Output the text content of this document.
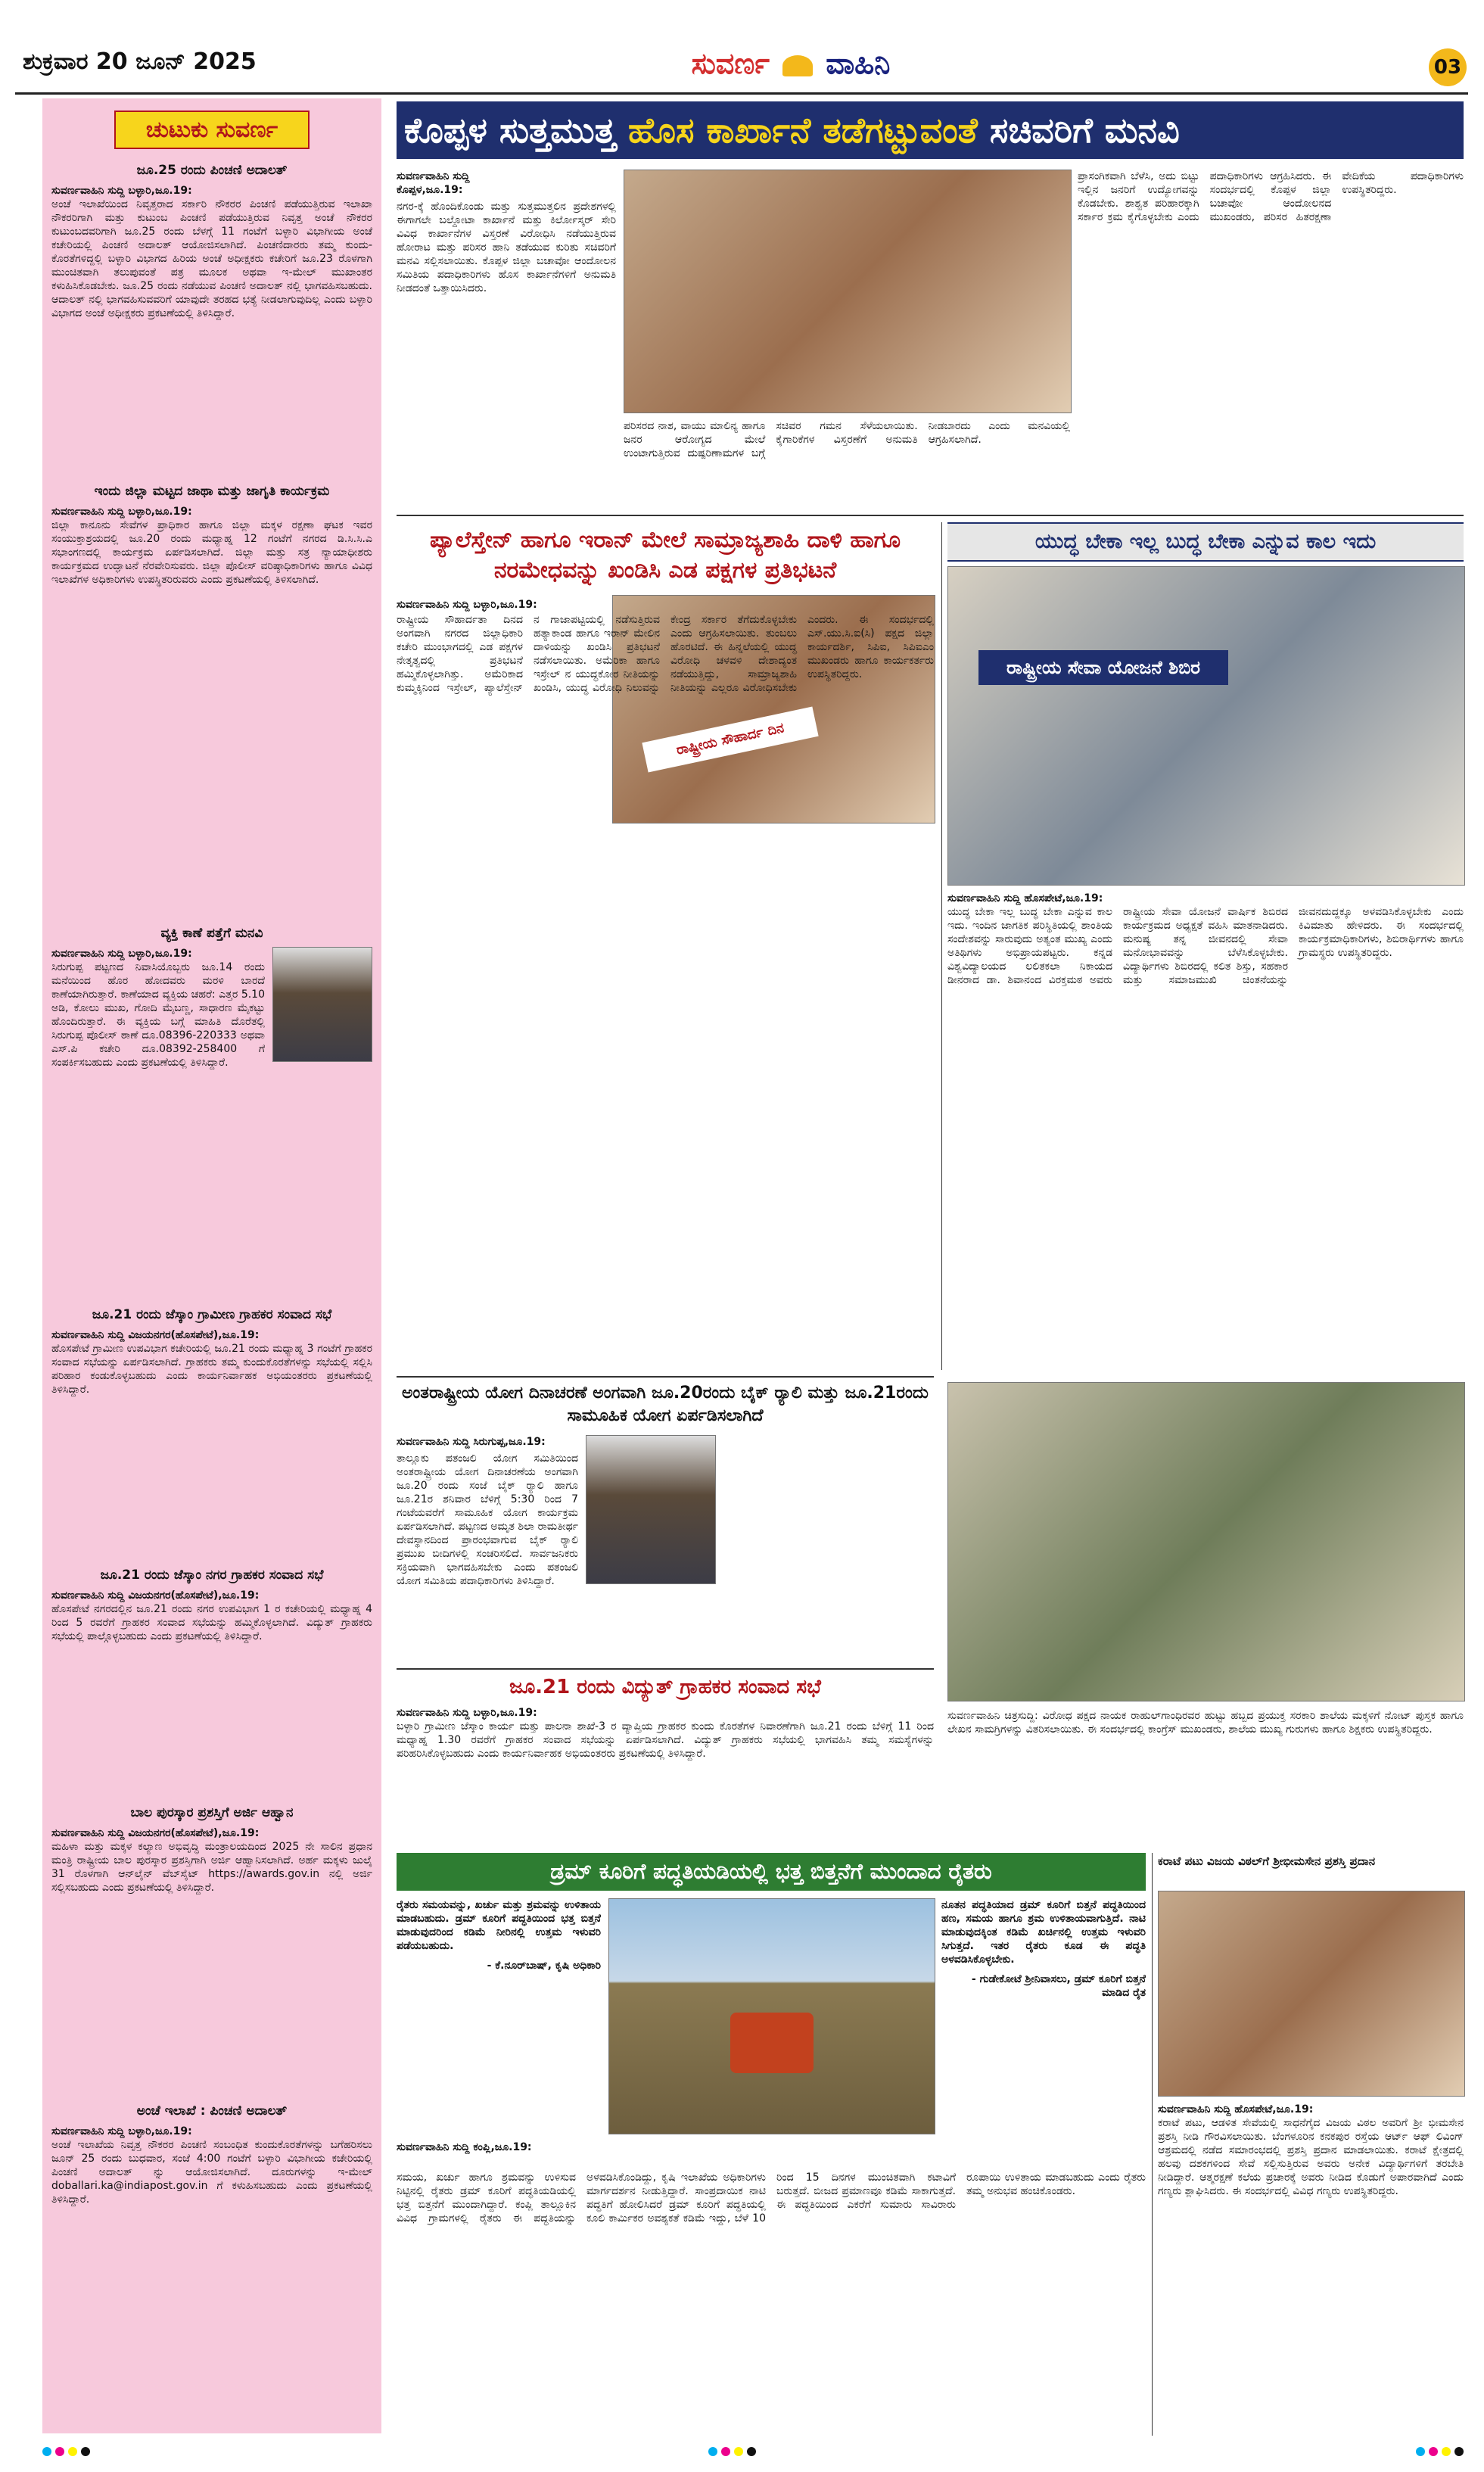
ಶುಕ್ರವಾರ 20 ಜೂನ್ 2025	ಸುವರ್ಣ ವಾಹಿನಿ	03
ಚುಟುಕು ಸುವರ್ಣ
ಜೂ.25 ರಂದು ಪಿಂಚಣಿ ಅದಾಲತ್
ಸುವರ್ಣವಾಹಿನಿ ಸುದ್ದಿ ಬಳ್ಳಾರಿ,ಜೂ.19:
ಅಂಚೆ ಇಲಾಖೆಯಿಂದ ನಿವೃತ್ತರಾದ ಸರ್ಕಾರಿ ನೌಕರರ ಪಿಂಚಣಿ ಪಡೆಯುತ್ತಿರುವ ಇಲಾಖಾ ನೌಕರರಿಗಾಗಿ ಮತ್ತು ಕುಟುಂಬ ಪಿಂಚಣಿ ಪಡೆಯುತ್ತಿರುವ ನಿವೃತ್ತ ಅಂಚೆ ನೌಕರರ ಕುಟುಂಬದವರಿಗಾಗಿ ಜೂ.25 ರಂದು ಬೆಳಗ್ಗೆ 11 ಗಂಟೆಗೆ ಬಳ್ಳಾರಿ ವಿಭಾಗೀಯ ಅಂಚೆ ಕಚೇರಿಯಲ್ಲಿ ಪಿಂಚಣಿ ಅದಾಲತ್ ಆಯೋಜಿಸಲಾಗಿದೆ. ಪಿಂಚಣಿದಾರರು ತಮ್ಮ ಕುಂದು-ಕೊರತೆಗಳಿದ್ದಲ್ಲಿ ಬಳ್ಳಾರಿ ವಿಭಾಗದ ಹಿರಿಯ ಅಂಚೆ ಅಧೀಕ್ಷಕರು ಕಚೇರಿಗೆ ಜೂ.23 ರೊಳಗಾಗಿ ಮುಂಚಿತವಾಗಿ ತಲುಪುವಂತೆ ಪತ್ರ ಮೂಲಕ ಅಥವಾ ಇ-ಮೇಲ್ ಮುಖಾಂತರ ಕಳುಹಿಸಿಕೊಡಬೇಕು. ಜೂ.25 ರಂದು ನಡೆಯುವ ಪಿಂಚಣಿ ಅದಾಲತ್ ನಲ್ಲಿ ಭಾಗವಹಿಸಬಹುದು. ಆದಾಲತ್ ನಲ್ಲಿ ಭಾಗವಹಿಸುವವರಿಗೆ ಯಾವುದೇ ತರಹದ ಭತ್ಯೆ ನೀಡಲಾಗುವುದಿಲ್ಲ ಎಂದು ಬಳ್ಳಾರಿ ವಿಭಾಗದ ಅಂಚೆ ಅಧೀಕ್ಷಕರು ಪ್ರಕಟಣೆಯಲ್ಲಿ ತಿಳಿಸಿದ್ದಾರೆ.
ಇಂದು ಜಿಲ್ಲಾ ಮಟ್ಟದ ಜಾಥಾ ಮತ್ತು ಜಾಗೃತಿ ಕಾರ್ಯಕ್ರಮ
ಸುವರ್ಣವಾಹಿನಿ ಸುದ್ದಿ ಬಳ್ಳಾರಿ,ಜೂ.19:
ಜಿಲ್ಲಾ ಕಾನೂನು ಸೇವೆಗಳ ಪ್ರಾಧಿಕಾರ ಹಾಗೂ ಜಿಲ್ಲಾ ಮಕ್ಕಳ ರಕ್ಷಣಾ ಘಟಕ ಇವರ ಸಂಯುಕ್ತಾಶ್ರಯದಲ್ಲಿ ಜೂ.20 ರಂದು ಮಧ್ಯಾಹ್ನ 12 ಗಂಟೆಗೆ ನಗರದ ಡಿ.ಸಿ.ಸಿ.ಎ ಸಭಾಂಗಣದಲ್ಲಿ ಕಾರ್ಯಕ್ರಮ ಏರ್ಪಡಿಸಲಾಗಿದೆ. ಜಿಲ್ಲಾ ಮತ್ತು ಸತ್ರ ನ್ಯಾಯಾಧೀಶರು ಕಾರ್ಯಕ್ರಮದ ಉದ್ಘಾಟನೆ ನೆರವೇರಿಸುವರು. ಜಿಲ್ಲಾ ಪೊಲೀಸ್ ವರಿಷ್ಠಾಧಿಕಾರಿಗಳು ಹಾಗೂ ವಿವಿಧ ಇಲಾಖೆಗಳ ಅಧಿಕಾರಿಗಳು ಉಪಸ್ಥಿತರಿರುವರು ಎಂದು ಪ್ರಕಟಣೆಯಲ್ಲಿ ತಿಳಿಸಲಾಗಿದೆ.
ವ್ಯಕ್ತಿ ಕಾಣೆ ಪತ್ತೆಗೆ ಮನವಿ
ಸುವರ್ಣವಾಹಿನಿ ಸುದ್ದಿ ಬಳ್ಳಾರಿ,ಜೂ.19:
ಸಿರುಗುಪ್ಪ ಪಟ್ಟಣದ ನಿವಾಸಿಯೊಬ್ಬರು ಜೂ.14 ರಂದು ಮನೆಯಿಂದ ಹೊರ ಹೋದವರು ಮರಳಿ ಬಾರದೆ ಕಾಣೆಯಾಗಿರುತ್ತಾರೆ. ಕಾಣೆಯಾದ ವ್ಯಕ್ತಿಯ ಚಹರೆ: ಎತ್ತರ 5.10 ಅಡಿ, ಕೋಲು ಮುಖ, ಗೋದಿ ಮೈಬಣ್ಣ, ಸಾಧಾರಣ ಮೈಕಟ್ಟು ಹೊಂದಿರುತ್ತಾರೆ. ಈ ವ್ಯಕ್ತಿಯ ಬಗ್ಗೆ ಮಾಹಿತಿ ದೊರೆತಲ್ಲಿ ಸಿರುಗುಪ್ಪ ಪೊಲೀಸ್ ಠಾಣೆ ದೂ.08396-220333 ಅಥವಾ ಎಸ್.ಪಿ ಕಚೇರಿ ದೂ.08392-258400 ಗೆ ಸಂಪರ್ಕಿಸಬಹುದು ಎಂದು ಪ್ರಕಟಣೆಯಲ್ಲಿ ತಿಳಿಸಿದ್ದಾರೆ.
ಜೂ.21 ರಂದು ಜೆಸ್ಕಾಂ ಗ್ರಾಮೀಣ ಗ್ರಾಹಕರ ಸಂವಾದ ಸಭೆ
ಸುವರ್ಣವಾಹಿನಿ ಸುದ್ದಿ ವಿಜಯನಗರ(ಹೊಸಪೇಟೆ),ಜೂ.19:
ಹೊಸಪೇಟೆ ಗ್ರಾಮೀಣ ಉಪವಿಭಾಗ ಕಚೇರಿಯಲ್ಲಿ ಜೂ.21 ರಂದು ಮಧ್ಯಾಹ್ನ 3 ಗಂಟೆಗೆ ಗ್ರಾಹಕರ ಸಂವಾದ ಸಭೆಯನ್ನು ಏರ್ಪಡಿಸಲಾಗಿದೆ. ಗ್ರಾಹಕರು ತಮ್ಮ ಕುಂದುಕೊರತೆಗಳನ್ನು ಸಭೆಯಲ್ಲಿ ಸಲ್ಲಿಸಿ ಪರಿಹಾರ ಕಂಡುಕೊಳ್ಳಬಹುದು ಎಂದು ಕಾರ್ಯನಿರ್ವಾಹಕ ಅಭಿಯಂತರರು ಪ್ರಕಟಣೆಯಲ್ಲಿ ತಿಳಿಸಿದ್ದಾರೆ.
ಜೂ.21 ರಂದು ಜೆಸ್ಕಾಂ ನಗರ ಗ್ರಾಹಕರ ಸಂವಾದ ಸಭೆ
ಸುವರ್ಣವಾಹಿನಿ ಸುದ್ದಿ ವಿಜಯನಗರ(ಹೊಸಪೇಟೆ),ಜೂ.19:
ಹೊಸಪೇಟೆ ನಗರದಲ್ಲಿನ ಜೂ.21 ರಂದು ನಗರ ಉಪವಿಭಾಗ 1 ರ ಕಚೇರಿಯಲ್ಲಿ ಮಧ್ಯಾಹ್ನ 4 ರಿಂದ 5 ರವರೆಗೆ ಗ್ರಾಹಕರ ಸಂವಾದ ಸಭೆಯನ್ನು ಹಮ್ಮಿಕೊಳ್ಳಲಾಗಿದೆ. ವಿದ್ಯುತ್ ಗ್ರಾಹಕರು ಸಭೆಯಲ್ಲಿ ಪಾಲ್ಗೊಳ್ಳಬಹುದು ಎಂದು ಪ್ರಕಟಣೆಯಲ್ಲಿ ತಿಳಿಸಿದ್ದಾರೆ.
ಬಾಲ ಪುರಸ್ಕಾರ ಪ್ರಶಸ್ತಿಗೆ ಅರ್ಜಿ ಆಹ್ವಾನ
ಸುವರ್ಣವಾಹಿನಿ ಸುದ್ದಿ ವಿಜಯನಗರ(ಹೊಸಪೇಟೆ),ಜೂ.19:
ಮಹಿಳಾ ಮತ್ತು ಮಕ್ಕಳ ಕಲ್ಯಾಣ ಅಭಿವೃದ್ಧಿ ಮಂತ್ರಾಲಯದಿಂದ 2025 ನೇ ಸಾಲಿನ ಪ್ರಧಾನ ಮಂತ್ರಿ ರಾಷ್ಟ್ರೀಯ ಬಾಲ ಪುರಸ್ಕಾರ ಪ್ರಶಸ್ತಿಗಾಗಿ ಅರ್ಜಿ ಆಹ್ವಾನಿಸಲಾಗಿದೆ. ಅರ್ಹ ಮಕ್ಕಳು ಜುಲೈ 31 ರೊಳಗಾಗಿ ಆನ್‌ಲೈನ್ ವೆಬ್‌ಸೈಟ್ https://awards.gov.in ನಲ್ಲಿ ಅರ್ಜಿ ಸಲ್ಲಿಸಬಹುದು ಎಂದು ಪ್ರಕಟಣೆಯಲ್ಲಿ ತಿಳಿಸಿದ್ದಾರೆ.
ಅಂಚೆ ಇಲಾಖೆ : ಪಿಂಚಣಿ ಅದಾಲತ್
ಸುವರ್ಣವಾಹಿನಿ ಸುದ್ದಿ ಬಳ್ಳಾರಿ,ಜೂ.19:
ಅಂಚೆ ಇಲಾಖೆಯ ನಿವೃತ್ತ ನೌಕರರ ಪಿಂಚಣಿ ಸಂಬಂಧಿತ ಕುಂದುಕೊರತೆಗಳನ್ನು ಬಗೆಹರಿಸಲು ಜೂನ್ 25 ರಂದು ಬುಧವಾರ, ಸಂಜೆ 4:00 ಗಂಟೆಗೆ ಬಳ್ಳಾರಿ ವಿಭಾಗೀಯ ಕಚೇರಿಯಲ್ಲಿ ಪಿಂಚಣಿ ಅದಾಲತ್ ನ್ನು ಆಯೋಜಿಸಲಾಗಿದೆ. ದೂರುಗಳನ್ನು ಇ-ಮೇಲ್ doballari.ka@indiapost.gov.in ಗೆ ಕಳುಹಿಸಬಹುದು ಎಂದು ಪ್ರಕಟಣೆಯಲ್ಲಿ ತಿಳಿಸಿದ್ದಾರೆ.
ಕೊಪ್ಪಳ ಸುತ್ತಮುತ್ತ ಹೊಸ ಕಾರ್ಖಾನೆ ತಡೆಗಟ್ಟುವಂತೆ ಸಚಿವರಿಗೆ ಮನವಿ
ಸುವರ್ಣವಾಹಿನಿ ಸುದ್ದಿ ಕೊಪ್ಪಳ,ಜೂ.19:
ನಗರ-ಕ್ಕೆ ಹೊಂದಿಕೊಂಡು ಮತ್ತು ಸುತ್ತಮುತ್ತಲಿನ ಪ್ರದೇಶಗಳಲ್ಲಿ ಈಗಾಗಲೇ ಬಲ್ದೋಟಾ ಕಾರ್ಖಾನೆ ಮತ್ತು ಕಿರ್ಲೋಸ್ಕರ್ ಸೇರಿ ವಿವಿಧ ಕಾರ್ಖಾನೆಗಳ ವಿಸ್ತರಣೆ ವಿರೋಧಿಸಿ ನಡೆಯುತ್ತಿರುವ ಹೋರಾಟ ಮತ್ತು ಪರಿಸರ ಹಾನಿ ತಡೆಯುವ ಕುರಿತು ಸಚಿವರಿಗೆ ಮನವಿ ಸಲ್ಲಿಸಲಾಯಿತು. ಕೊಪ್ಪಳ ಜಿಲ್ಲಾ ಬಚಾವೋ ಆಂದೋಲನ ಸಮಿತಿಯ ಪದಾಧಿಕಾರಿಗಳು ಹೊಸ ಕಾರ್ಖಾನೆಗಳಿಗೆ ಅನುಮತಿ ನೀಡದಂತೆ ಒತ್ತಾಯಿಸಿದರು.
ಪರಿಸರದ ನಾಶ, ವಾಯು ಮಾಲಿನ್ಯ ಹಾಗೂ ಜನರ ಆರೋಗ್ಯದ ಮೇಲೆ ಉಂಟಾಗುತ್ತಿರುವ ದುಷ್ಪರಿಣಾಮಗಳ ಬಗ್ಗೆ ಸಚಿವರ ಗಮನ ಸೆಳೆಯಲಾಯಿತು. ಕೈಗಾರಿಕೆಗಳ ವಿಸ್ತರಣೆಗೆ ಅನುಮತಿ ನೀಡಬಾರದು ಎಂದು ಮನವಿಯಲ್ಲಿ ಆಗ್ರಹಿಸಲಾಗಿದೆ.
ಪ್ರಾಸಂಗಿಕವಾಗಿ ಬೆಳೆಸಿ, ಅದು ಬಿಟ್ಟು ಇಲ್ಲಿನ ಜನರಿಗೆ ಉದ್ಯೋಗವನ್ನು ಕೊಡಬೇಕು. ಶಾಶ್ವತ ಪರಿಹಾರಕ್ಕಾಗಿ ಸರ್ಕಾರ ಕ್ರಮ ಕೈಗೊಳ್ಳಬೇಕು ಎಂದು ಪದಾಧಿಕಾರಿಗಳು ಆಗ್ರಹಿಸಿದರು. ಈ ಸಂದರ್ಭದಲ್ಲಿ ಕೊಪ್ಪಳ ಜಿಲ್ಲಾ ಬಚಾವೋ ಆಂದೋಲನದ ಮುಖಂಡರು, ಪರಿಸರ ಹಿತರಕ್ಷಣಾ ವೇದಿಕೆಯ ಪದಾಧಿಕಾರಿಗಳು ಉಪಸ್ಥಿತರಿದ್ದರು.
ಪ್ಯಾಲೆಸ್ತೇನ್ ಹಾಗೂ ಇರಾನ್ ಮೇಲೆ ಸಾಮ್ರಾಜ್ಯಶಾಹಿ ದಾಳಿ ಹಾಗೂ ನರಮೇಧವನ್ನು ಖಂಡಿಸಿ ಎಡ ಪಕ್ಷಗಳ ಪ್ರತಿಭಟನೆ
ಸುವರ್ಣವಾಹಿನಿ ಸುದ್ದಿ ಬಳ್ಳಾರಿ,ಜೂ.19:
ರಾಷ್ಟ್ರೀಯ ಸೌಹಾರ್ದ ದಿನ
ರಾಷ್ಟ್ರೀಯ ಸೌಹಾರ್ದತಾ ದಿನದ ಅಂಗವಾಗಿ ನಗರದ ಜಿಲ್ಲಾಧಿಕಾರಿ ಕಚೇರಿ ಮುಂಭಾಗದಲ್ಲಿ ಎಡ ಪಕ್ಷಗಳ ನೇತೃತ್ವದಲ್ಲಿ ಪ್ರತಿಭಟನೆ ಹಮ್ಮಿಕೊಳ್ಳಲಾಗಿತ್ತು. ಅಮೆರಿಕಾದ ಕುಮ್ಮಕ್ಕಿನಿಂದ ಇಸ್ರೇಲ್, ಪ್ಯಾಲೆಸ್ತೇನ್ ನ ಗಾಜಾಪಟ್ಟಿಯಲ್ಲಿ ನಡೆಸುತ್ತಿರುವ ಹತ್ಯಾಕಾಂಡ ಹಾಗೂ ಇರಾನ್ ಮೇಲಿನ ದಾಳಿಯನ್ನು ಖಂಡಿಸಿ ಪ್ರತಿಭಟನೆ ನಡೆಸಲಾಯಿತು. ಅಮೆರಿಕಾ ಹಾಗೂ ಇಸ್ರೇಲ್ ನ ಯುದ್ಧಕೋರ ನೀತಿಯನ್ನು ಖಂಡಿಸಿ, ಯುದ್ಧ ವಿರೋಧಿ ನಿಲುವನ್ನು ಕೇಂದ್ರ ಸರ್ಕಾರ ತೆಗೆದುಕೊಳ್ಳಬೇಕು ಎಂದು ಆಗ್ರಹಿಸಲಾಯಿತು. ತುಂಬಲು ಹೊರಟಿದೆ. ಈ ಹಿನ್ನಲೆಯಲ್ಲಿ ಯುದ್ಧ ವಿರೋಧಿ ಚಳವಳಿ ದೇಶಾದ್ಯಂತ ನಡೆಯುತ್ತಿದ್ದು, ಸಾಮ್ರಾಜ್ಯಶಾಹಿ ನೀತಿಯನ್ನು ಎಲ್ಲರೂ ವಿರೋಧಿಸಬೇಕು ಎಂದರು. ಈ ಸಂದರ್ಭದಲ್ಲಿ ಎಸ್.ಯು.ಸಿ.ಐ(ಸಿ) ಪಕ್ಷದ ಜಿಲ್ಲಾ ಕಾರ್ಯದರ್ಶಿ, ಸಿಪಿಐ, ಸಿಪಿಐಎಂ ಮುಖಂಡರು ಹಾಗೂ ಕಾರ್ಯಕರ್ತರು ಉಪಸ್ಥಿತರಿದ್ದರು.
ಯುದ್ಧ ಬೇಕಾ ಇಲ್ಲ ಬುದ್ಧ ಬೇಕಾ ಎನ್ನುವ ಕಾಲ ಇದು
ರಾಷ್ಟ್ರೀಯ ಸೇವಾ ಯೋಜನೆ ಶಿಬಿರ
ಸುವರ್ಣವಾಹಿನಿ ಸುದ್ದಿ ಹೊಸಪೇಟೆ,ಜೂ.19:
ಯುದ್ಧ ಬೇಕಾ ಇಲ್ಲ ಬುದ್ಧ ಬೇಕಾ ಎನ್ನುವ ಕಾಲ ಇದು. ಇಂದಿನ ಜಾಗತಿಕ ಪರಿಸ್ಥಿತಿಯಲ್ಲಿ ಶಾಂತಿಯ ಸಂದೇಶವನ್ನು ಸಾರುವುದು ಅತ್ಯಂತ ಮುಖ್ಯ ಎಂದು ಅತಿಥಿಗಳು ಅಭಿಪ್ರಾಯಪಟ್ಟರು. ಕನ್ನಡ ವಿಶ್ವವಿದ್ಯಾಲಯದ ಲಲಿತಕಲಾ ನಿಕಾಯದ ಡೀನರಾದ ಡಾ. ಶಿವಾನಂದ ವಿರಕ್ತಮಠ ಅವರು ರಾಷ್ಟ್ರೀಯ ಸೇವಾ ಯೋಜನೆ ವಾರ್ಷಿಕ ಶಿಬಿರದ ಕಾರ್ಯಕ್ರಮದ ಅಧ್ಯಕ್ಷತೆ ವಹಿಸಿ ಮಾತನಾಡಿದರು. ಮನುಷ್ಯ ತನ್ನ ಜೀವನದಲ್ಲಿ ಸೇವಾ ಮನೋಭಾವವನ್ನು ಬೆಳೆಸಿಕೊಳ್ಳಬೇಕು. ವಿದ್ಯಾರ್ಥಿಗಳು ಶಿಬಿರದಲ್ಲಿ ಕಲಿತ ಶಿಸ್ತು, ಸಹಕಾರ ಮತ್ತು ಸಮಾಜಮುಖಿ ಚಿಂತನೆಯನ್ನು ಜೀವನದುದ್ದಕ್ಕೂ ಅಳವಡಿಸಿಕೊಳ್ಳಬೇಕು ಎಂದು ಕಿವಿಮಾತು ಹೇಳಿದರು. ಈ ಸಂದರ್ಭದಲ್ಲಿ ಕಾರ್ಯಕ್ರಮಾಧಿಕಾರಿಗಳು, ಶಿಬಿರಾರ್ಥಿಗಳು ಹಾಗೂ ಗ್ರಾಮಸ್ಥರು ಉಪಸ್ಥಿತರಿದ್ದರು.
ಅಂತರಾಷ್ಟ್ರೀಯ ಯೋಗ ದಿನಾಚರಣೆ ಅಂಗವಾಗಿ ಜೂ.20ರಂದು ಬೈಕ್ ರ‍್ಯಾಲಿ ಮತ್ತು ಜೂ.21ರಂದು ಸಾಮೂಹಿಕ ಯೋಗ ಏರ್ಪಡಿಸಲಾಗಿದೆ
ಸುವರ್ಣವಾಹಿನಿ ಸುದ್ದಿ ಸಿರುಗುಪ್ಪ,ಜೂ.19:
ತಾಲ್ಲೂಕು ಪತಂಜಲಿ ಯೋಗ ಸಮಿತಿಯಿಂದ ಅಂತರಾಷ್ಟ್ರೀಯ ಯೋಗ ದಿನಾಚರಣೆಯ ಅಂಗವಾಗಿ ಜೂ.20 ರಂದು ಸಂಜೆ ಬೈಕ್ ರ‍್ಯಾಲಿ ಹಾಗೂ ಜೂ.21ರ ಶನಿವಾರ ಬೆಳಿಗ್ಗೆ 5:30 ರಿಂದ 7 ಗಂಟೆಯವರೆಗೆ ಸಾಮೂಹಿಕ ಯೋಗ ಕಾರ್ಯಕ್ರಮ ಏರ್ಪಡಿಸಲಾಗಿದೆ. ಪಟ್ಟಣದ ಅಮೃತ ಶಿಲಾ ರಾಮತೀರ್ಥ ದೇವಸ್ಥಾನದಿಂದ ಪ್ರಾರಂಭವಾಗುವ ಬೈಕ್ ರ‍್ಯಾಲಿ ಪ್ರಮುಖ ಬೀದಿಗಳಲ್ಲಿ ಸಂಚರಿಸಲಿದೆ. ಸಾರ್ವಜನಿಕರು ಸಕ್ರಿಯವಾಗಿ ಭಾಗವಹಿಸಬೇಕು ಎಂದು ಪತಂಜಲಿ ಯೋಗ ಸಮಿತಿಯ ಪದಾಧಿಕಾರಿಗಳು ತಿಳಿಸಿದ್ದಾರೆ.
ಜೂ.21 ರಂದು ವಿದ್ಯುತ್ ಗ್ರಾಹಕರ ಸಂವಾದ ಸಭೆ
ಸುವರ್ಣವಾಹಿನಿ ಸುದ್ದಿ ಬಳ್ಳಾರಿ,ಜೂ.19:
ಬಳ್ಳಾರಿ ಗ್ರಾಮೀಣ ಜೆಸ್ಕಾಂ ಕಾರ್ಯ ಮತ್ತು ಪಾಲನಾ ಶಾಖೆ-3 ರ ವ್ಯಾಪ್ತಿಯ ಗ್ರಾಹಕರ ಕುಂದು ಕೊರತೆಗಳ ನಿವಾರಣೆಗಾಗಿ ಜೂ.21 ರಂದು ಬೆಳಿಗ್ಗೆ 11 ರಿಂದ ಮಧ್ಯಾಹ್ನ 1.30 ರವರೆಗೆ ಗ್ರಾಹಕರ ಸಂವಾದ ಸಭೆಯನ್ನು ಏರ್ಪಡಿಸಲಾಗಿದೆ. ವಿದ್ಯುತ್ ಗ್ರಾಹಕರು ಸಭೆಯಲ್ಲಿ ಭಾಗವಹಿಸಿ ತಮ್ಮ ಸಮಸ್ಯೆಗಳನ್ನು ಪರಿಹರಿಸಿಕೊಳ್ಳಬಹುದು ಎಂದು ಕಾರ್ಯನಿರ್ವಾಹಕ ಅಭಿಯಂತರರು ಪ್ರಕಟಣೆಯಲ್ಲಿ ತಿಳಿಸಿದ್ದಾರೆ.
ಸುವರ್ಣವಾಹಿನಿ ಚಿತ್ರಸುದ್ದಿ: ವಿರೋಧ ಪಕ್ಷದ ನಾಯಕ ರಾಹುಲ್‌ಗಾಂಧಿರವರ ಹುಟ್ಟು ಹಬ್ಬದ ಪ್ರಯುಕ್ತ ಸರಕಾರಿ ಶಾಲೆಯ ಮಕ್ಕಳಿಗೆ ನೋಟ್ ಪುಸ್ತಕ ಹಾಗೂ ಲೇಖನ ಸಾಮಗ್ರಿಗಳನ್ನು ವಿತರಿಸಲಾಯಿತು. ಈ ಸಂದರ್ಭದಲ್ಲಿ ಕಾಂಗ್ರೆಸ್ ಮುಖಂಡರು, ಶಾಲೆಯ ಮುಖ್ಯ ಗುರುಗಳು ಹಾಗೂ ಶಿಕ್ಷಕರು ಉಪಸ್ಥಿತರಿದ್ದರು.
ಡ್ರಮ್ ಕೂರಿಗೆ ಪದ್ಧತಿಯಡಿಯಲ್ಲಿ ಭತ್ತ ಬಿತ್ತನೆಗೆ ಮುಂದಾದ ರೈತರು
ರೈತರು ಸಮಯವನ್ನು, ಖರ್ಚು ಮತ್ತು ಶ್ರಮವನ್ನು ಉಳಿತಾಯ ಮಾಡಬಹುದು. ಡ್ರಮ್ ಕೂರಿಗೆ ಪದ್ಧತಿಯಿಂದ ಭತ್ತ ಬಿತ್ತನೆ ಮಾಡುವುದರಿಂದ ಕಡಿಮೆ ನೀರಿನಲ್ಲಿ ಉತ್ತಮ ಇಳುವರಿ ಪಡೆಯಬಹುದು.

- ಕೆ.ನೂರ್‌ಬಾಷ್, ಕೃಷಿ ಅಧಿಕಾರಿ
ನೂತನ ಪದ್ಧತಿಯಾದ ಡ್ರಮ್ ಕೂರಿಗೆ ಬಿತ್ತನೆ ಪದ್ಧತಿಯಿಂದ ಹಣ, ಸಮಯ ಹಾಗೂ ಶ್ರಮ ಉಳಿತಾಯವಾಗುತ್ತಿದೆ. ನಾಟಿ ಮಾಡುವುದಕ್ಕಿಂತ ಕಡಿಮೆ ಖರ್ಚಿನಲ್ಲಿ ಉತ್ತಮ ಇಳುವರಿ ಸಿಗುತ್ತದೆ. ಇತರ ರೈತರು ಕೂಡ ಈ ಪದ್ಧತಿ ಅಳವಡಿಸಿಕೊಳ್ಳಬೇಕು.

- ಗುಡೇಕೋಟೆ ಶ್ರೀನಿವಾಸಲು, ಡ್ರಮ್ ಕೂರಿಗೆ ಬಿತ್ತನೆ ಮಾಡಿದ ರೈತ
ಸುವರ್ಣವಾಹಿನಿ ಸುದ್ದಿ ಕಂಪ್ಲಿ,ಜೂ.19:
ಸಮಯ, ಖರ್ಚು ಹಾಗೂ ಶ್ರಮವನ್ನು ಉಳಿಸುವ ನಿಟ್ಟಿನಲ್ಲಿ ರೈತರು ಡ್ರಮ್ ಕೂರಿಗೆ ಪದ್ಧತಿಯಡಿಯಲ್ಲಿ ಭತ್ತ ಬಿತ್ತನೆಗೆ ಮುಂದಾಗಿದ್ದಾರೆ. ಕಂಪ್ಲಿ ತಾಲ್ಲೂಕಿನ ವಿವಿಧ ಗ್ರಾಮಗಳಲ್ಲಿ ರೈತರು ಈ ಪದ್ಧತಿಯನ್ನು ಅಳವಡಿಸಿಕೊಂಡಿದ್ದು, ಕೃಷಿ ಇಲಾಖೆಯ ಅಧಿಕಾರಿಗಳು ಮಾರ್ಗದರ್ಶನ ನೀಡುತ್ತಿದ್ದಾರೆ. ಸಾಂಪ್ರದಾಯಿಕ ನಾಟಿ ಪದ್ಧತಿಗೆ ಹೋಲಿಸಿದರೆ ಡ್ರಮ್ ಕೂರಿಗೆ ಪದ್ಧತಿಯಲ್ಲಿ ಕೂಲಿ ಕಾರ್ಮಿಕರ ಅವಶ್ಯಕತೆ ಕಡಿಮೆ ಇದ್ದು, ಬೆಳೆ 10 ರಿಂದ 15 ದಿನಗಳ ಮುಂಚಿತವಾಗಿ ಕಟಾವಿಗೆ ಬರುತ್ತದೆ. ಬೀಜದ ಪ್ರಮಾಣವೂ ಕಡಿಮೆ ಸಾಕಾಗುತ್ತದೆ. ಈ ಪದ್ಧತಿಯಿಂದ ಎಕರೆಗೆ ಸುಮಾರು ಸಾವಿರಾರು ರೂಪಾಯಿ ಉಳಿತಾಯ ಮಾಡಬಹುದು ಎಂದು ರೈತರು ತಮ್ಮ ಅನುಭವ ಹಂಚಿಕೊಂಡರು.
ಕರಾಟೆ ಪಟು ವಿಜಯ ವಿಠಲ್‌ಗೆ ಶ್ರೀಭೀಮಸೇನ ಪ್ರಶಸ್ತಿ ಪ್ರದಾನ
ಸುವರ್ಣವಾಹಿನಿ ಸುದ್ದಿ ಹೊಸಪೇಟೆ,ಜೂ.19:
ಕರಾಟೆ ಪಟು, ಆಡಳಿತ ಸೇವೆಯಲ್ಲಿ ಸಾಧನೆಗೈದ ವಿಜಯ ವಿಠಲ ಅವರಿಗೆ ಶ್ರೀ ಭೀಮಸೇನ ಪ್ರಶಸ್ತಿ ನೀಡಿ ಗೌರವಿಸಲಾಯಿತು. ಬೆಂಗಳೂರಿನ ಕನಕಪುರ ರಸ್ತೆಯ ಆರ್ಟ್ ಆಫ್ ಲಿವಿಂಗ್ ಆಶ್ರಮದಲ್ಲಿ ನಡೆದ ಸಮಾರಂಭದಲ್ಲಿ ಪ್ರಶಸ್ತಿ ಪ್ರದಾನ ಮಾಡಲಾಯಿತು. ಕರಾಟೆ ಕ್ಷೇತ್ರದಲ್ಲಿ ಹಲವು ದಶಕಗಳಿಂದ ಸೇವೆ ಸಲ್ಲಿಸುತ್ತಿರುವ ಅವರು ಅನೇಕ ವಿದ್ಯಾರ್ಥಿಗಳಿಗೆ ತರಬೇತಿ ನೀಡಿದ್ದಾರೆ. ಆತ್ಮರಕ್ಷಣೆ ಕಲೆಯ ಪ್ರಚಾರಕ್ಕೆ ಅವರು ನೀಡಿದ ಕೊಡುಗೆ ಅಪಾರವಾಗಿದೆ ಎಂದು ಗಣ್ಯರು ಶ್ಲಾಘಿಸಿದರು. ಈ ಸಂದರ್ಭದಲ್ಲಿ ವಿವಿಧ ಗಣ್ಯರು ಉಪಸ್ಥಿತರಿದ್ದರು.
